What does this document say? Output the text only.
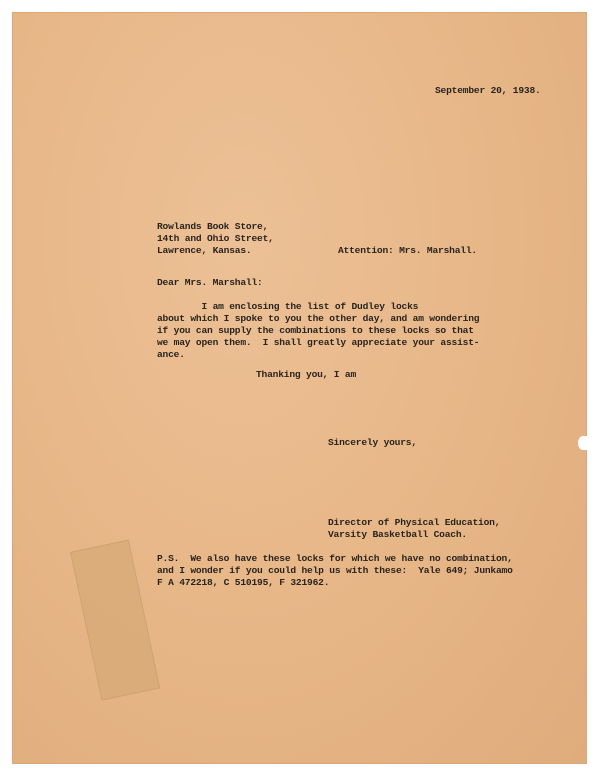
September 20, 1938.
Rowlands Book Store,
14th and Ohio Street,
Lawrence, Kansas.	Attention: Mrs. Marshall.
Dear Mrs. Marshall:
I am enclosing the list of Dudley locks
about which I spoke to you the other day, and am wondering
if you can supply the combinations to these locks so that
we may open them.  I shall greatly appreciate your assist-
ance.
Thanking you, I am
Sincerely yours,
Director of Physical Education,
Varsity Basketball Coach.
P.S.  We also have these locks for which we have no combination,
and I wonder if you could help us with these:  Yale 649; Junkamo
F A 472218, C 510195, F 321962.
